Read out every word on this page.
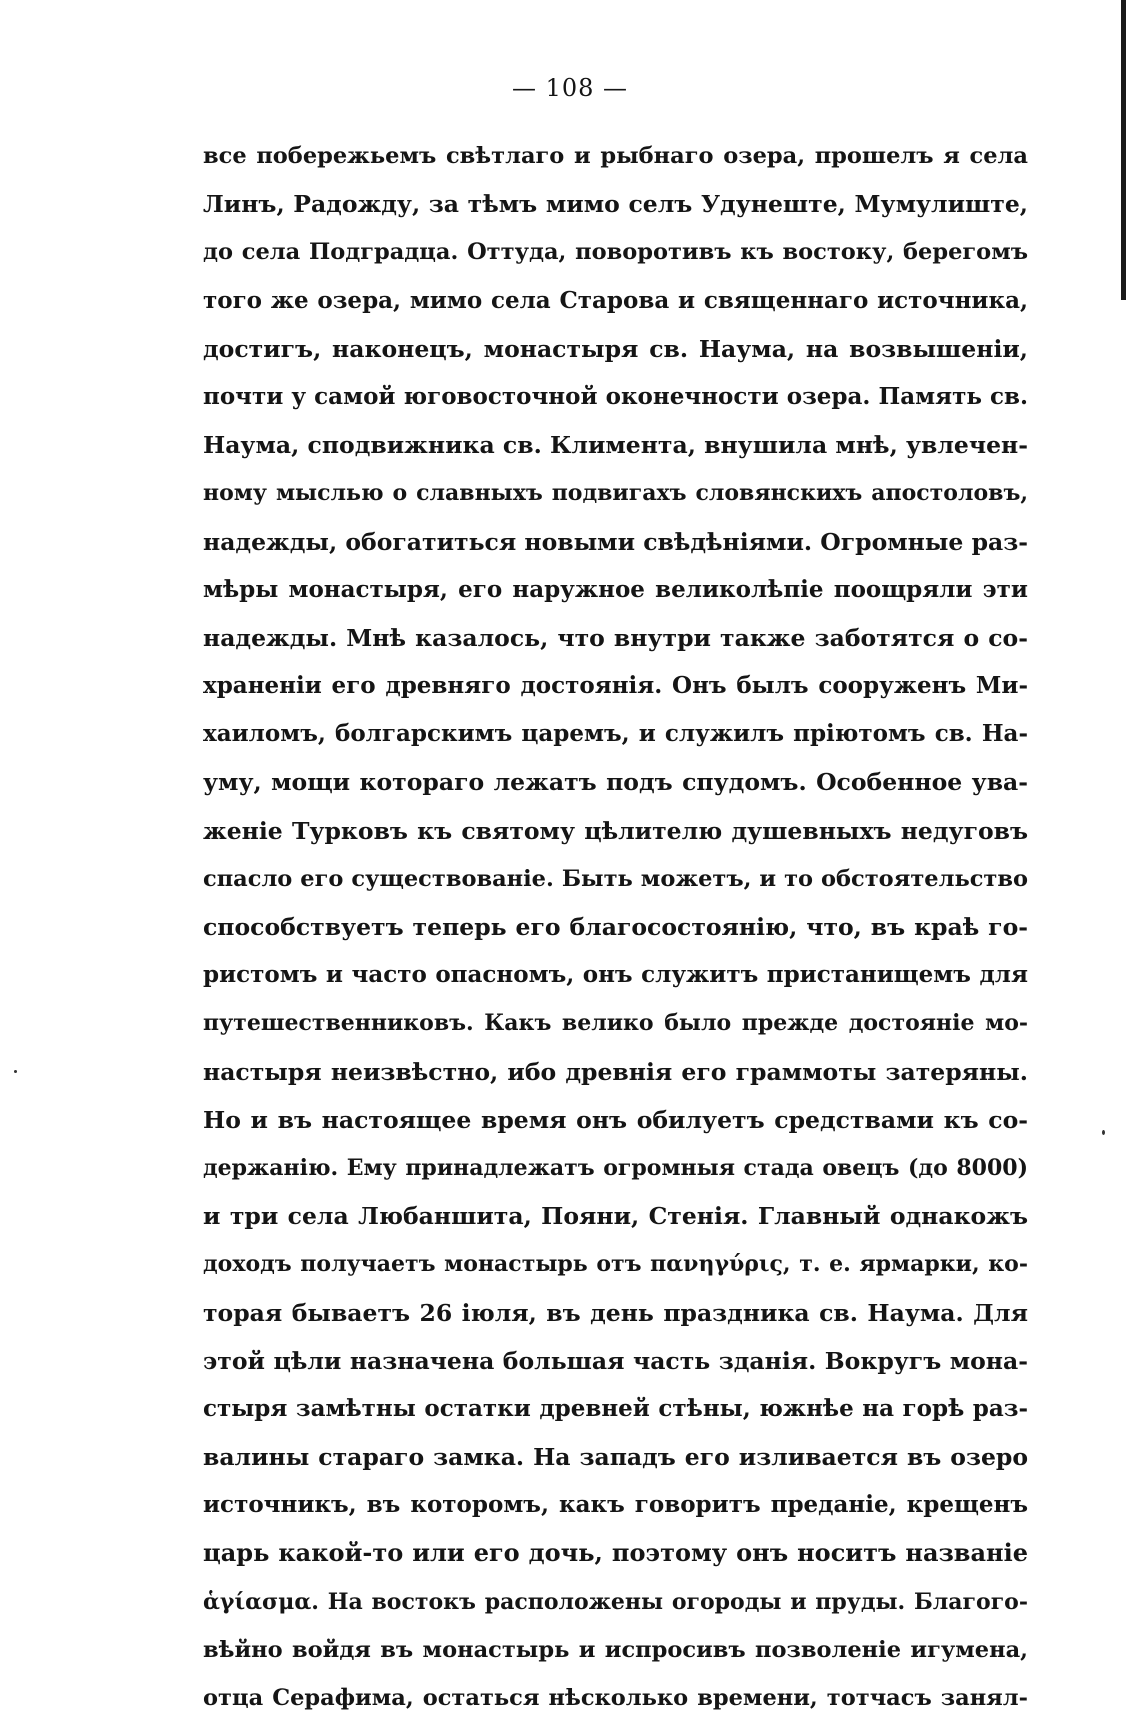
— 108 —
все побережьемъ свѣтлаго и рыбнаго озера, прошелъ я села
Линъ, Радожду, за тѣмъ мимо селъ Удунеште, Мумулиште,
до села Подградца. Оттуда, поворотивъ къ востоку, берегомъ
того же озера, мимо села Старова и священнаго источника,
достигъ, наконецъ, монастыря св. Наума, на возвышеніи,
почти у самой юговосточной оконечности озера. Память св.
Наума, сподвижника св. Климента, внушила мнѣ, увлечен-
ному мыслью о славныхъ подвигахъ словянскихъ апостоловъ,
надежды, обогатиться новыми свѣдѣніями. Огромные раз-
мѣры монастыря, его наружное великолѣпіе поощряли эти
надежды. Мнѣ казалось, что внутри также заботятся о со-
храненіи его древняго достоянія. Онъ былъ сооруженъ Ми-
хаиломъ, болгарскимъ царемъ, и служилъ пріютомъ св. На-
уму, мощи котораго лежатъ подъ спудомъ. Особенное ува-
женіе Турковъ къ святому цѣлителю душевныхъ недуговъ
спасло его существованіе. Быть можетъ, и то обстоятельство
способствуетъ теперь его благосостоянію, что, въ краѣ го-
ристомъ и часто опасномъ, онъ служитъ пристанищемъ для
путешественниковъ. Какъ велико было прежде достояніе мо-
настыря неизвѣстно, ибо древнія его граммоты затеряны.
Но и въ настоящее время онъ обилуетъ средствами къ со-
держанію. Ему принадлежатъ огромныя стада овецъ (до 8000)
и три села Любаншита, Пояни, Стенія. Главный однакожъ
доходъ получаетъ монастырь отъ πανηγύρις, т. е. ярмарки, ко-
торая бываетъ 26 іюля, въ день праздника св. Наума. Для
этой цѣли назначена большая часть зданія. Вокругъ мона-
стыря замѣтны остатки древней стѣны, южнѣе на горѣ раз-
валины стараго замка. На западъ его изливается въ озеро
источникъ, въ которомъ, какъ говоритъ преданіе, крещенъ
царь какой-то или его дочь, поэтому онъ носитъ названіе
ἁγίασμα. На востокъ расположены огороды и пруды. Благого-
вѣйно войдя въ монастырь и испросивъ позволеніе игумена,
отца Серафима, остаться нѣсколько времени, тотчасъ занял-
